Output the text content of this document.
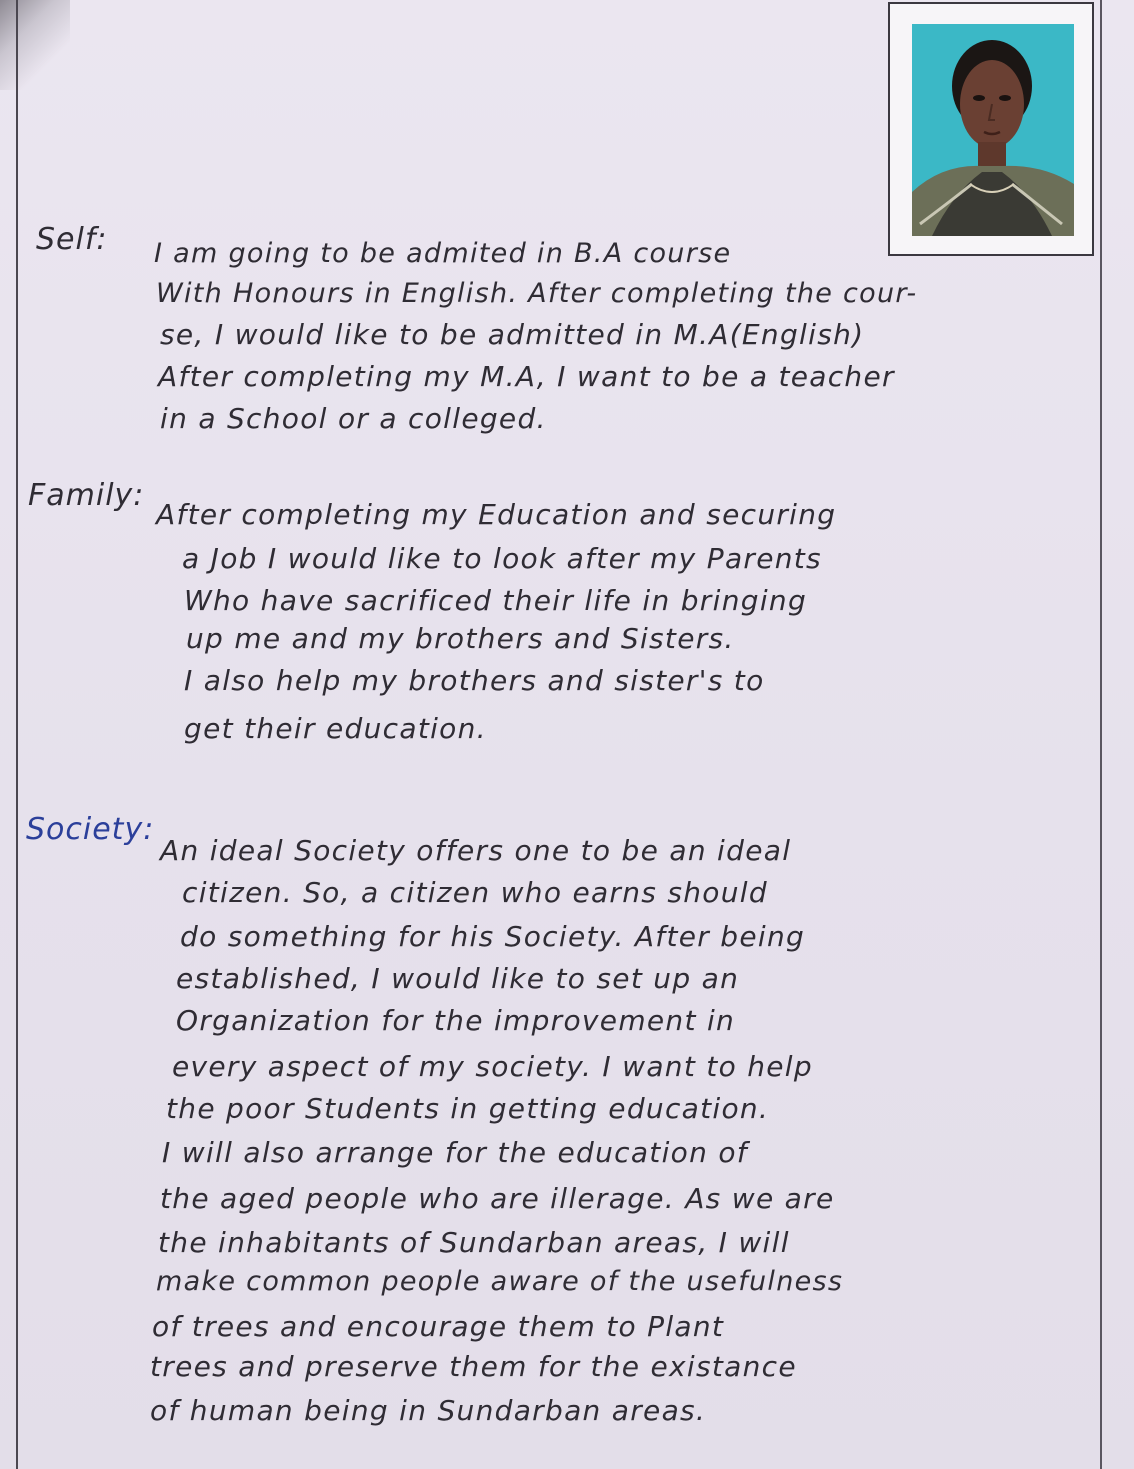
Self: I am going to be admited in B.A course
With Honours in English. After completing the cour-
se, I would like to be admitted in M.A(English)
After completing my M.A, I want to be a teacher
in a School or a colleged.
Family:
After completing my Education and securing
a Job I would like to look after my Parents
Who have sacrificed their life in bringing
up me and my brothers and Sisters.
I also help my brothers and sister's to
get their education.
Society:
An ideal Society offers one to be an ideal
citizen. So, a citizen who earns should
do something for his Society. After being
established, I would like to set up an
Organization for the improvement in
every aspect of my society. I want to help
the poor Students in getting education.
I will also arrange for the education of
the aged people who are illerage. As we are
the inhabitants of Sundarban areas, I will
make common people aware of the usefulness
of trees and encourage them to Plant
trees and preserve them for the existance
of human being in Sundarban areas.
